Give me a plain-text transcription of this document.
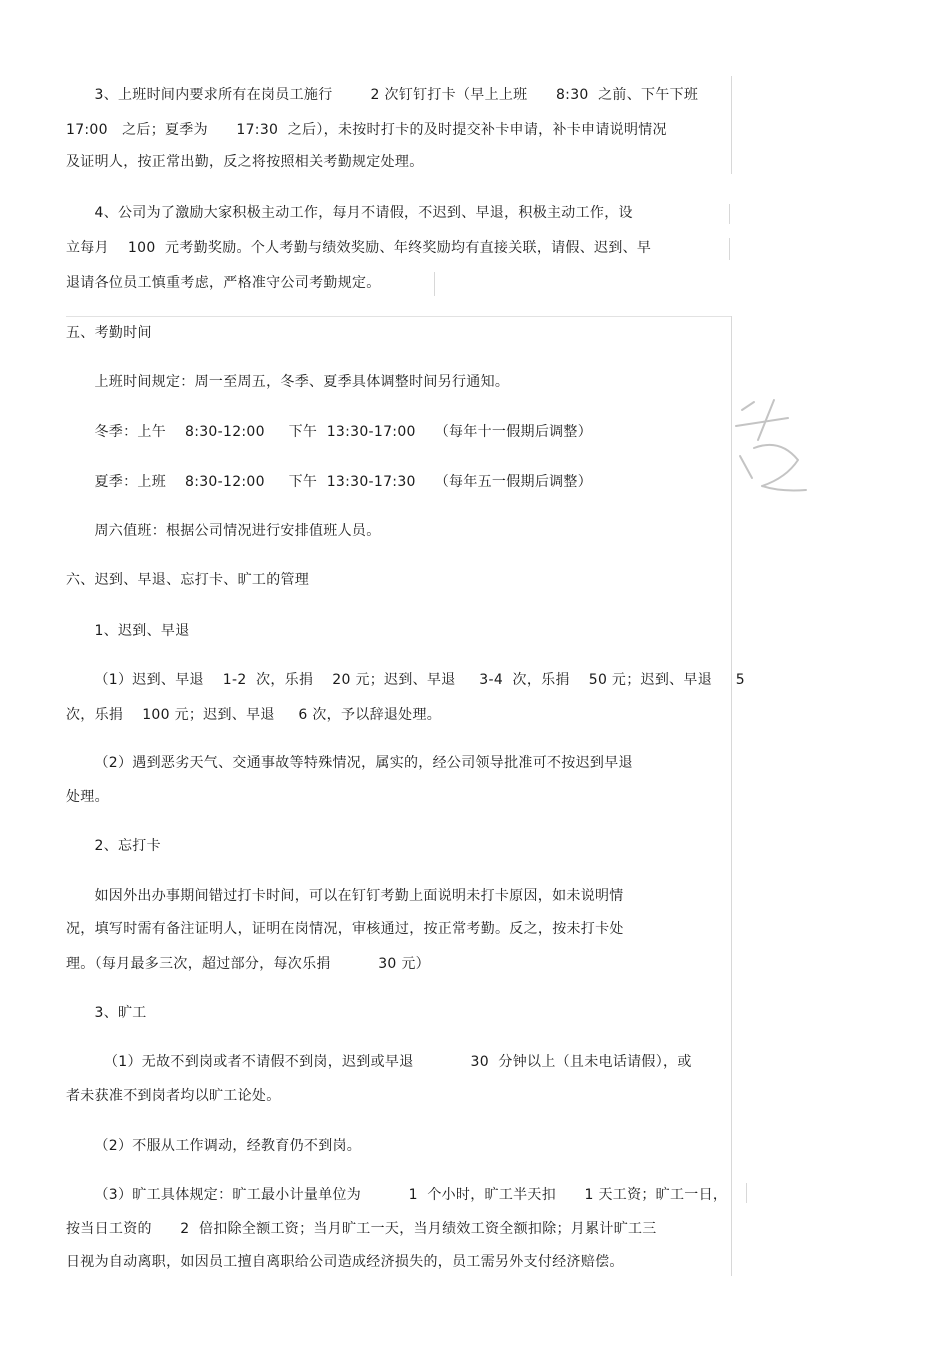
3、上班时间内要求所有在岗员工施行        2 次钉钉打卡（早上上班      8:30  之前、下午下班
17:00   之后；夏季为      17:30  之后），未按时打卡的及时提交补卡申请，补卡申请说明情况
及证明人，按正常出勤，反之将按照相关考勤规定处理。
4、公司为了激励大家积极主动工作，每月不请假，不迟到、早退，积极主动工作，设
立每月    100  元考勤奖励。个人考勤与绩效奖励、年终奖励均有直接关联，请假、迟到、早
退请各位员工慎重考虑，严格准守公司考勤规定。
五、考勤时间
上班时间规定：周一至周五，冬季、夏季具体调整时间另行通知。
冬季：上午    8:30-12:00     下午  13:30-17:00    （每年十一假期后调整）
夏季：上班    8:30-12:00     下午  13:30-17:30    （每年五一假期后调整）
周六值班：根据公司情况进行安排值班人员。
六、迟到、早退、忘打卡、旷工的管理
1、迟到、早退
（1）迟到、早退    1-2  次，乐捐    20 元；迟到、早退     3-4  次，乐捐    50 元；迟到、早退     5
次，乐捐    100 元；迟到、早退     6 次，予以辞退处理。
（2）遇到恶劣天气、交通事故等特殊情况，属实的，经公司领导批准可不按迟到早退
处理。
2、忘打卡
如因外出办事期间错过打卡时间，可以在钉钉考勤上面说明未打卡原因，如未说明情
况，填写时需有备注证明人，证明在岗情况，审核通过，按正常考勤。反之，按未打卡处
理。（每月最多三次，超过部分，每次乐捐          30 元）
3、旷工
（1）无故不到岗或者不请假不到岗，迟到或早退            30  分钟以上（且未电话请假），或
者未获准不到岗者均以旷工论处。
（2）不服从工作调动，经教育仍不到岗。
（3）旷工具体规定：旷工最小计量单位为          1  个小时，旷工半天扣      1 天工资；旷工一日，
按当日工资的      2  倍扣除全额工资；当月旷工一天，当月绩效工资全额扣除；月累计旷工三
日视为自动离职，如因员工擅自离职给公司造成经济损失的，员工需另外支付经济赔偿。
